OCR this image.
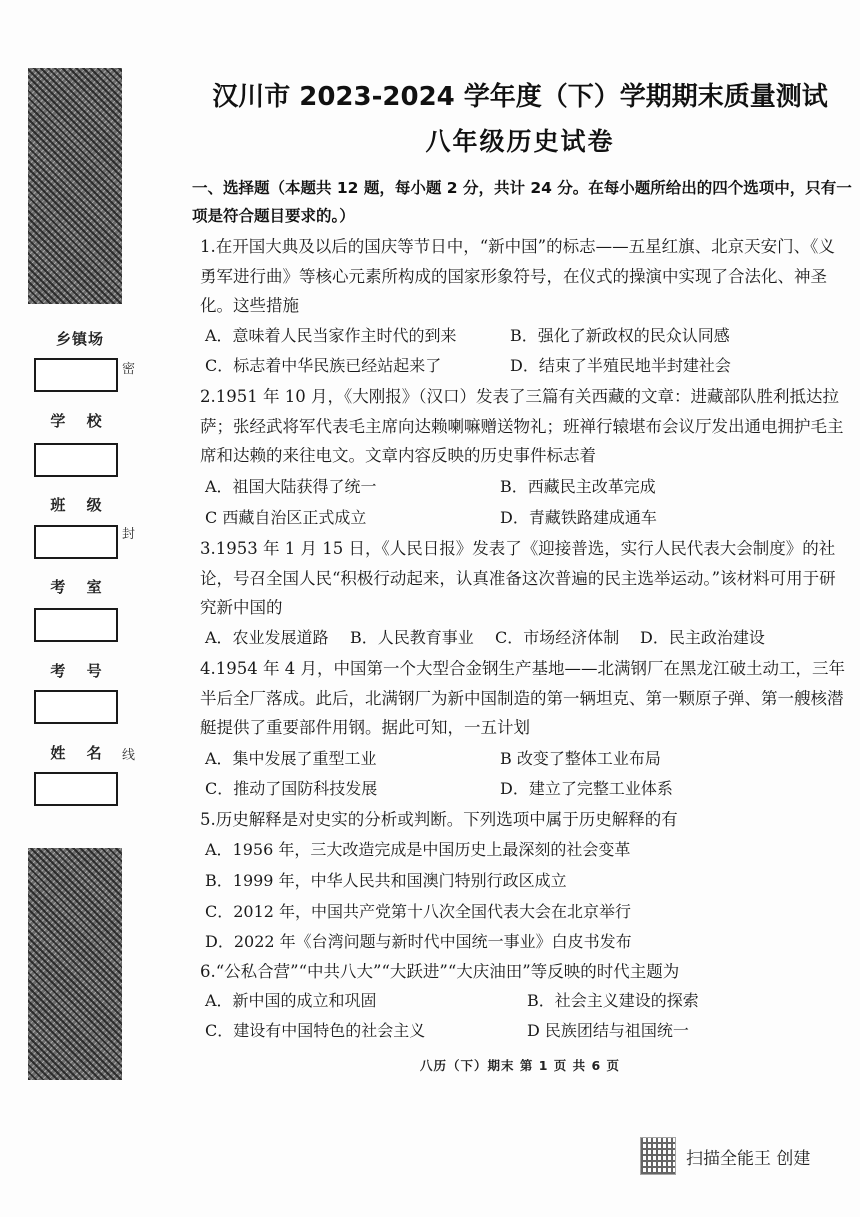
乡镇场
密
学 校
班 级
封
考 室
考 号
姓 名 线
汉川市 2023-2024 学年度（下）学期期末质量测试
八年级历史试卷
一、选择题（本题共 12 题，每小题 2 分，共计 24 分。在每小题所给出的四个选项中，只有一项是符合题目要求的。）
1.在开国大典及以后的国庆等节日中，“新中国”的标志——五星红旗、北京天安门、《义勇军进行曲》等核心元素所构成的国家形象符号，在仪式的操演中实现了合法化、神圣化。这些措施
A．意味着人民当家作主时代的到来	B．强化了新政权的民众认同感
C．标志着中华民族已经站起来了	D．结束了半殖民地半封建社会
2.1951 年 10 月，《大刚报》（汉口）发表了三篇有关西藏的文章：进藏部队胜利抵达拉萨；张经武将军代表毛主席向达赖喇嘛赠送物礼；班禅行辕堪布会议厅发出通电拥护毛主席和达赖的来往电文。文章内容反映的历史事件标志着
A．祖国大陆获得了统一	B．西藏民主改革完成
C 西藏自治区正式成立	D．青藏铁路建成通车
3.1953 年 1 月 15 日，《人民日报》发表了《迎接普选，实行人民代表大会制度》的社论，号召全国人民“积极行动起来，认真准备这次普遍的民主选举运动。”该材料可用于研究新中国的
A．农业发展道路 B．人民教育事业 C．市场经济体制 D．民主政治建设
4.1954 年 4 月，中国第一个大型合金钢生产基地——北满钢厂在黑龙江破土动工，三年半后全厂落成。此后，北满钢厂为新中国制造的第一辆坦克、第一颗原子弹、第一艘核潜艇提供了重要部件用钢。据此可知，一五计划
A．集中发展了重型工业	B 改变了整体工业布局
C．推动了国防科技发展	D．建立了完整工业体系
5.历史解释是对史实的分析或判断。下列选项中属于历史解释的有
A．1956 年，三大改造完成是中国历史上最深刻的社会变革
B．1999 年，中华人民共和国澳门特别行政区成立
C．2012 年，中国共产党第十八次全国代表大会在北京举行
D．2022 年《台湾问题与新时代中国统一事业》白皮书发布
6.“公私合营”“中共八大”“大跃进”“大庆油田”等反映的时代主题为
A．新中国的成立和巩固	B．社会主义建设的探索
C．建设有中国特色的社会主义	D 民族团结与祖国统一
八历（下）期末 第 1 页 共 6 页
扫描全能王 创建
